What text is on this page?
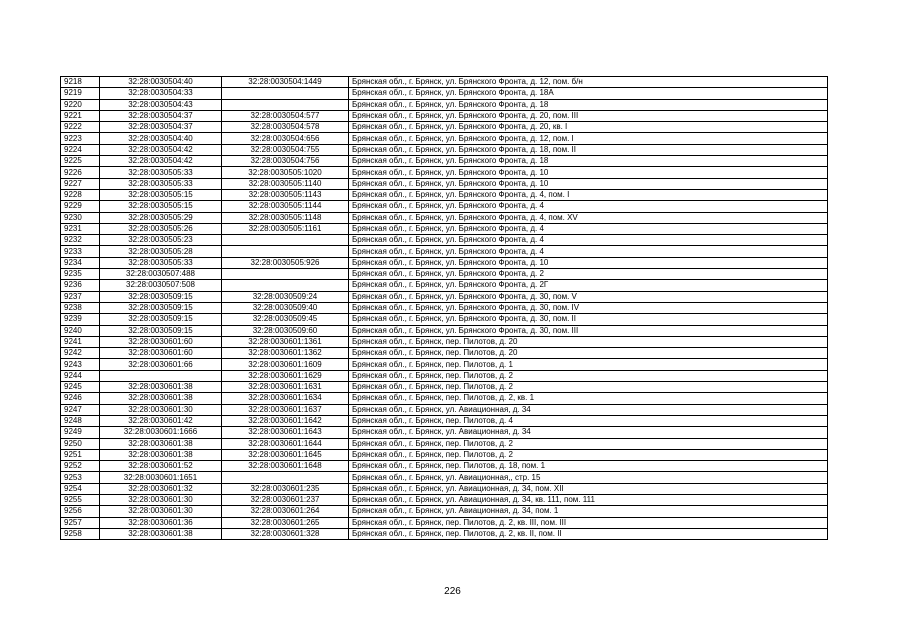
9218	32:28:0030504:40	32:28:0030504:1449	Брянская обл., г. Брянск, ул. Брянского Фронта, д. 12, пом. б/н
9219	32:28:0030504:33		Брянская обл., г. Брянск, ул. Брянского Фронта, д. 18А
9220	32:28:0030504:43		Брянская обл., г. Брянск, ул. Брянского Фронта, д. 18
9221	32:28:0030504:37	32:28:0030504:577	Брянская обл., г. Брянск, ул. Брянского Фронта, д. 20, пом. III
9222	32:28:0030504:37	32:28:0030504:578	Брянская обл., г. Брянск, ул. Брянского Фронта, д. 20, кв. I
9223	32:28:0030504:40	32:28:0030504:656	Брянская обл., г. Брянск, ул. Брянского Фронта, д. 12, пом. I
9224	32:28:0030504:42	32:28:0030504:755	Брянская обл., г. Брянск, ул. Брянского Фронта, д. 18, пом. II
9225	32:28:0030504:42	32:28:0030504:756	Брянская обл., г. Брянск, ул. Брянского Фронта, д. 18
9226	32:28:0030505:33	32:28:0030505:1020	Брянская обл., г. Брянск, ул. Брянского Фронта, д. 10
9227	32:28:0030505:33	32:28:0030505:1140	Брянская обл., г. Брянск, ул. Брянского Фронта, д. 10
9228	32:28:0030505:15	32:28:0030505:1143	Брянская обл., г. Брянск, ул. Брянского Фронта, д. 4, пом. I
9229	32:28:0030505:15	32:28:0030505:1144	Брянская обл., г. Брянск, ул. Брянского Фронта, д. 4
9230	32:28:0030505:29	32:28:0030505:1148	Брянская обл., г. Брянск, ул. Брянского Фронта, д. 4, пом. XV
9231	32:28:0030505:26	32:28:0030505:1161	Брянская обл., г. Брянск, ул. Брянского Фронта, д. 4
9232	32:28:0030505:23		Брянская обл., г. Брянск, ул. Брянского Фронта, д. 4
9233	32:28:0030505:28		Брянская обл., г. Брянск, ул. Брянского Фронта, д. 4
9234	32:28:0030505:33	32:28:0030505:926	Брянская обл., г. Брянск, ул. Брянского Фронта, д. 10
9235	32:28:0030507:488		Брянская обл., г. Брянск, ул. Брянского Фронта, д. 2
9236	32:28:0030507:508		Брянская обл., г. Брянск, ул. Брянского Фронта, д. 2Г
9237	32:28:0030509:15	32:28:0030509:24	Брянская обл., г. Брянск, ул. Брянского Фронта, д. 30, пом. V
9238	32:28:0030509:15	32:28:0030509:40	Брянская обл., г. Брянск, ул. Брянского Фронта, д. 30, пом. IV
9239	32:28:0030509:15	32:28:0030509:45	Брянская обл., г. Брянск, ул. Брянского Фронта, д. 30, пом. II
9240	32:28:0030509:15	32:28:0030509:60	Брянская обл., г. Брянск, ул. Брянского Фронта, д. 30, пом. III
9241	32:28:0030601:60	32:28:0030601:1361	Брянская обл., г. Брянск, пер. Пилотов, д. 20
9242	32:28:0030601:60	32:28:0030601:1362	Брянская обл., г. Брянск, пер. Пилотов, д. 20
9243	32:28:0030601:66	32:28:0030601:1609	Брянская обл., г. Брянск, пер. Пилотов, д. 1
9244		32:28:0030601:1629	Брянская обл., г. Брянск, пер. Пилотов, д. 2
9245	32:28:0030601:38	32:28:0030601:1631	Брянская обл., г. Брянск, пер. Пилотов, д. 2
9246	32:28:0030601:38	32:28:0030601:1634	Брянская обл., г. Брянск, пер. Пилотов, д. 2, кв. 1
9247	32:28:0030601:30	32:28:0030601:1637	Брянская обл., г. Брянск, ул. Авиационная, д. 34
9248	32:28:0030601:42	32:28:0030601:1642	Брянская обл., г. Брянск, пер. Пилотов, д. 4
9249	32:28:0030601:1666	32:28:0030601:1643	Брянская обл., г. Брянск, ул. Авиационная, д. 34
9250	32:28:0030601:38	32:28:0030601:1644	Брянская обл., г. Брянск, пер. Пилотов, д. 2
9251	32:28:0030601:38	32:28:0030601:1645	Брянская обл., г. Брянск, пер. Пилотов, д. 2
9252	32:28:0030601:52	32:28:0030601:1648	Брянская обл., г. Брянск, пер. Пилотов, д. 18, пом. 1
9253	32:28:0030601:1651		Брянская обл., г. Брянск, ул. Авиационная,, стр. 15
9254	32:28:0030601:32	32:28:0030601:235	Брянская обл., г. Брянск, ул. Авиационная, д. 34, пом. XII
9255	32:28:0030601:30	32:28:0030601:237	Брянская обл., г. Брянск, ул. Авиационная, д. 34, кв. 111, пом. 111
9256	32:28:0030601:30	32:28:0030601:264	Брянская обл., г. Брянск, ул. Авиационная, д. 34, пом. 1
9257	32:28:0030601:36	32:28:0030601:265	Брянская обл., г. Брянск, пер. Пилотов, д. 2, кв. III, пом. III
9258	32:28:0030601:38	32:28:0030601:328	Брянская обл., г. Брянск, пер. Пилотов, д. 2, кв. II, пом. II
226
